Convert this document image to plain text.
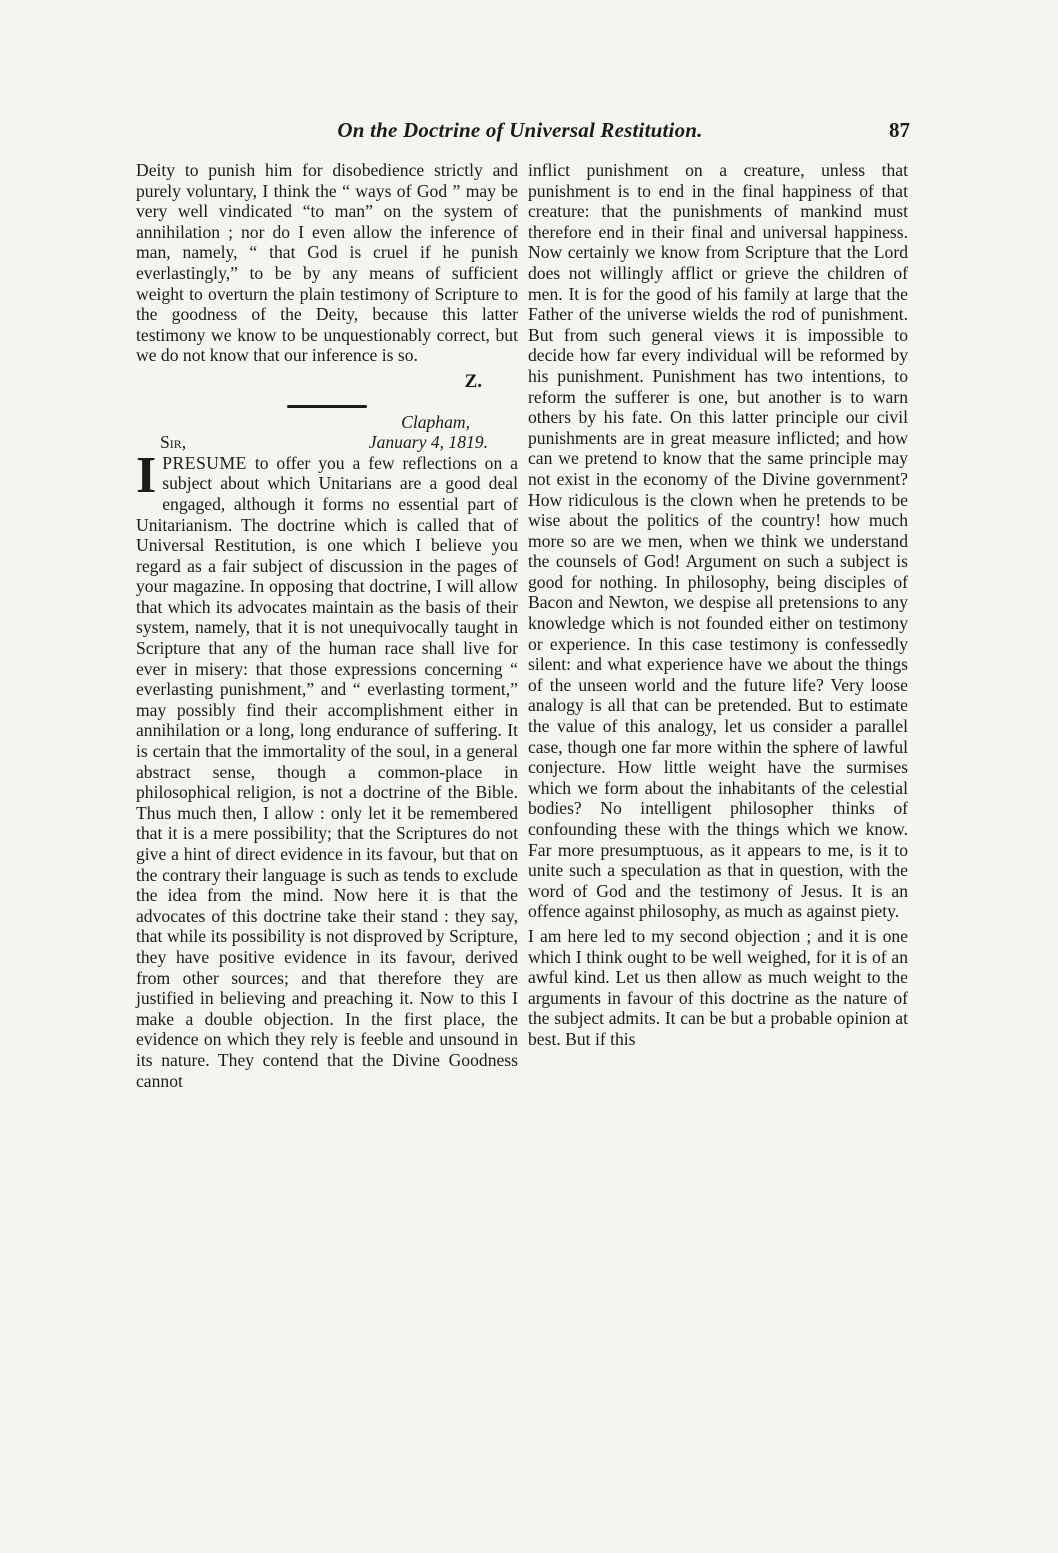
On the Doctrine of Universal Restitution.	87

Deity to punish him for disobedience strictly and purely voluntary, I think the “ ways of God ” may be very well vindicated “to man” on the system of annihilation ; nor do I even allow the inference of man, namely, “ that God is cruel if he punish everlastingly,” to be by any means of sufficient weight to overturn the plain testimony of Scripture to the goodness of the Deity, because this latter testimony we know to be unquestionably correct, but we do not know that our inference is so.

Z.
Clapham,
Sir,	January 4, 1819.

IPRESUME to offer you a few reflections on a subject about which Unitarians are a good deal engaged, although it forms no essential part of Unitarianism. The doctrine which is called that of Universal Restitution, is one which I believe you regard as a fair subject of discussion in the pages of your magazine. In opposing that doctrine, I will allow that which its advocates maintain as the basis of their system, namely, that it is not unequivocally taught in Scripture that any of the human race shall live for ever in misery: that those expressions concerning “ everlasting punishment,” and “ everlasting torment,” may possibly find their accomplishment either in annihilation or a long, long endurance of suffering. It is certain that the immortality of the soul, in a general abstract sense, though a common-place in philosophical religion, is not a doctrine of the Bible. Thus much then, I allow : only let it be remembered that it is a mere possibility; that the Scriptures do not give a hint of direct evidence in its favour, but that on the contrary their language is such as tends to exclude the idea from the mind. Now here it is that the advocates of this doctrine take their stand : they say, that while its possibility is not disproved by Scripture, they have positive evidence in its favour, derived from other sources; and that therefore they are justified in believing and preaching it. Now to this I make a double objection. In the first place, the evidence on which they rely is feeble and unsound in its nature. They contend that the Divine Goodness cannot

inflict punishment on a creature, unless that punishment is to end in the final happiness of that creature: that the punishments of mankind must therefore end in their final and universal happiness. Now certainly we know from Scripture that the Lord does not willingly afflict or grieve the children of men. It is for the good of his family at large that the Father of the universe wields the rod of punishment. But from such general views it is impossible to decide how far every individual will be reformed by his punishment. Punishment has two intentions, to reform the sufferer is one, but another is to warn others by his fate. On this latter principle our civil punishments are in great measure inflicted; and how can we pretend to know that the same principle may not exist in the economy of the Divine government? How ridiculous is the clown when he pretends to be wise about the politics of the country! how much more so are we men, when we think we understand the counsels of God! Argument on such a subject is good for nothing. In philosophy, being disciples of Bacon and Newton, we despise all pretensions to any knowledge which is not founded either on testimony or experience. In this case testimony is confessedly silent: and what experience have we about the things of the unseen world and the future life? Very loose analogy is all that can be pretended. But to estimate the value of this analogy, let us consider a parallel case, though one far more within the sphere of lawful conjecture. How little weight have the surmises which we form about the inhabitants of the celestial bodies? No intelligent philosopher thinks of confounding these with the things which we know. Far more presumptuous, as it appears to me, is it to unite such a speculation as that in question, with the word of God and the testimony of Jesus. It is an offence against philosophy, as much as against piety.

I am here led to my second objection ; and it is one which I think ought to be well weighed, for it is of an awful kind. Let us then allow as much weight to the arguments in favour of this doctrine as the nature of the subject admits. It can be but a probable opinion at best. But if this
